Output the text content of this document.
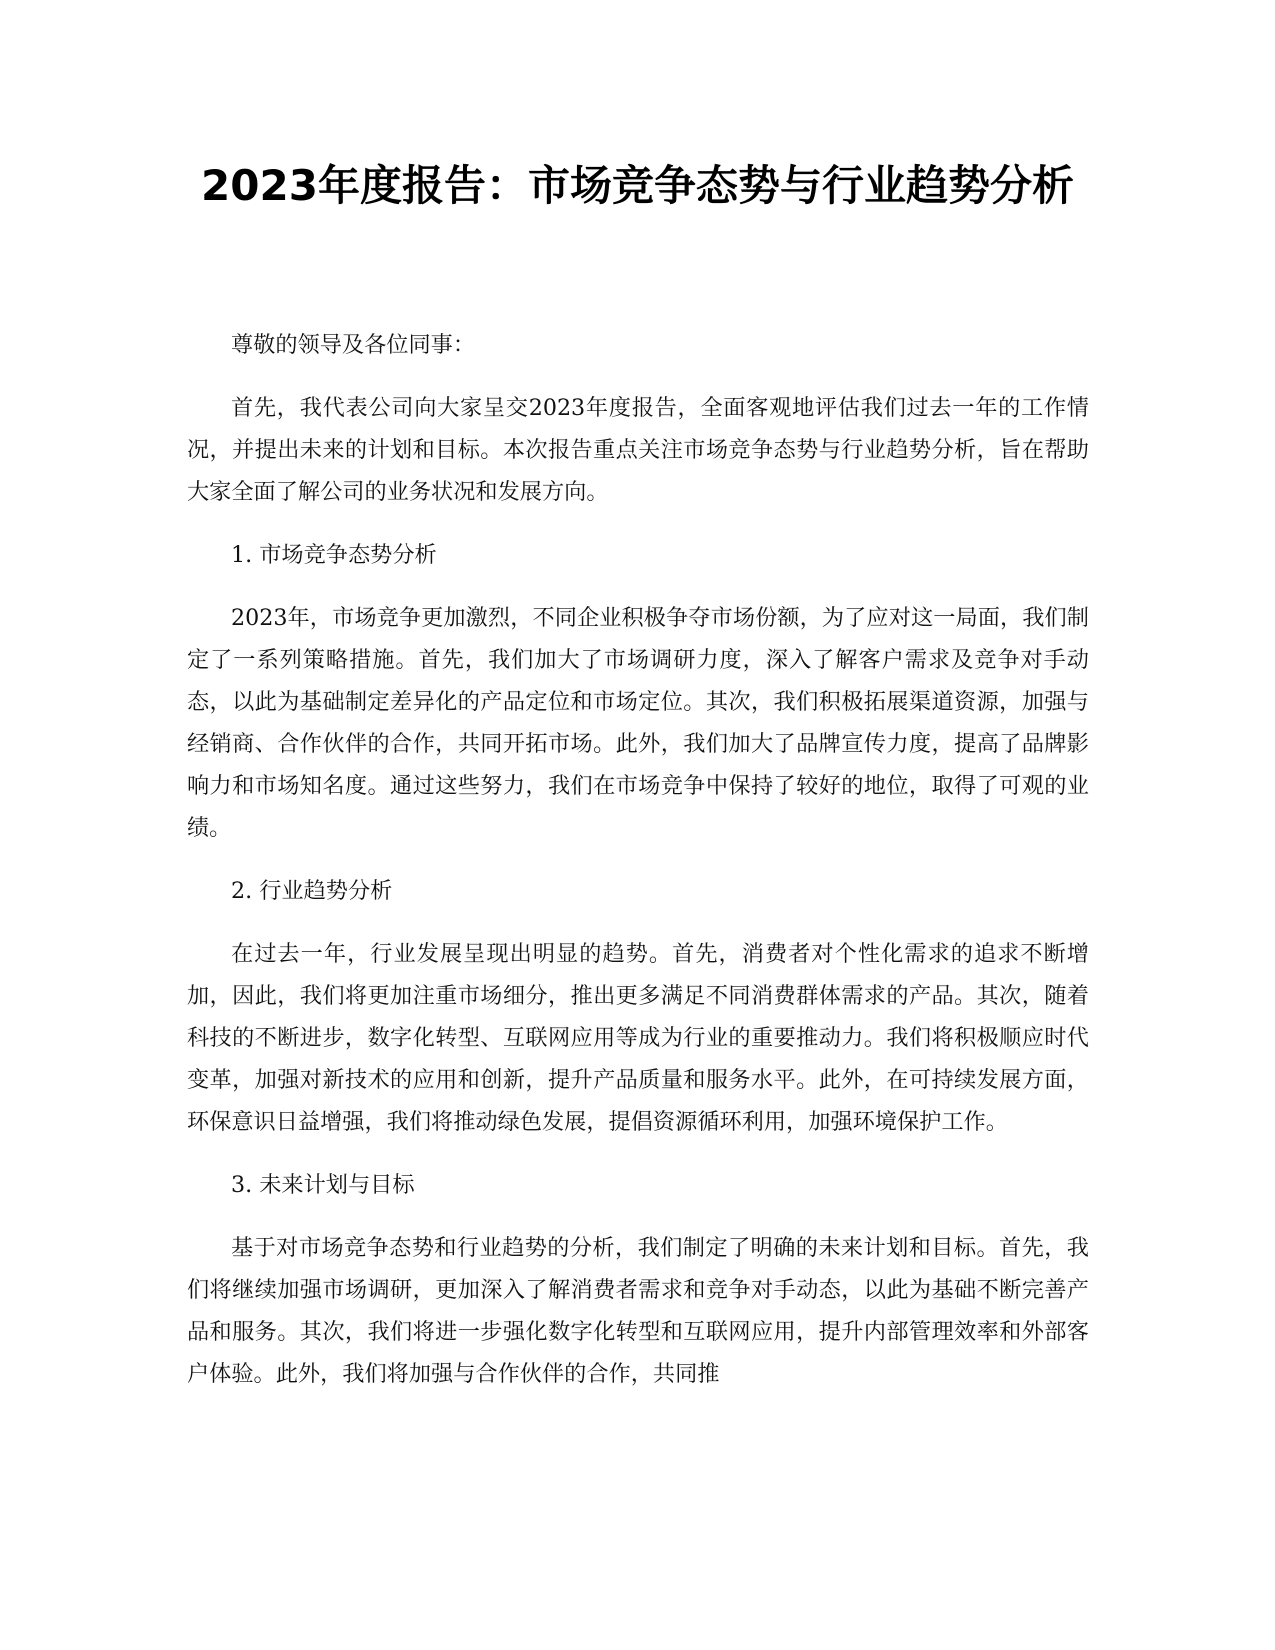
2023年度报告：市场竞争态势与行业趋势分析

尊敬的领导及各位同事：

首先，我代表公司向大家呈交2023年度报告，全面客观地评估我们过去一年的工作情况，并提出未来的计划和目标。本次报告重点关注市场竞争态势与行业趋势分析，旨在帮助大家全面了解公司的业务状况和发展方向。

1. 市场竞争态势分析

2023年，市场竞争更加激烈，不同企业积极争夺市场份额，为了应对这一局面，我们制定了一系列策略措施。首先，我们加大了市场调研力度，深入了解客户需求及竞争对手动态，以此为基础制定差异化的产品定位和市场定位。其次，我们积极拓展渠道资源，加强与经销商、合作伙伴的合作，共同开拓市场。此外，我们加大了品牌宣传力度，提高了品牌影响力和市场知名度。通过这些努力，我们在市场竞争中保持了较好的地位，取得了可观的业绩。

2. 行业趋势分析

在过去一年，行业发展呈现出明显的趋势。首先，消费者对个性化需求的追求不断增加，因此，我们将更加注重市场细分，推出更多满足不同消费群体需求的产品。其次，随着科技的不断进步，数字化转型、互联网应用等成为行业的重要推动力。我们将积极顺应时代变革，加强对新技术的应用和创新，提升产品质量和服务水平。此外，在可持续发展方面，环保意识日益增强，我们将推动绿色发展，提倡资源循环利用，加强环境保护工作。

3. 未来计划与目标

基于对市场竞争态势和行业趋势的分析，我们制定了明确的未来计划和目标。首先，我们将继续加强市场调研，更加深入了解消费者需求和竞争对手动态，以此为基础不断完善产品和服务。其次，我们将进一步强化数字化转型和互联网应用，提升内部管理效率和外部客户体验。此外，我们将加强与合作伙伴的合作，共同推
